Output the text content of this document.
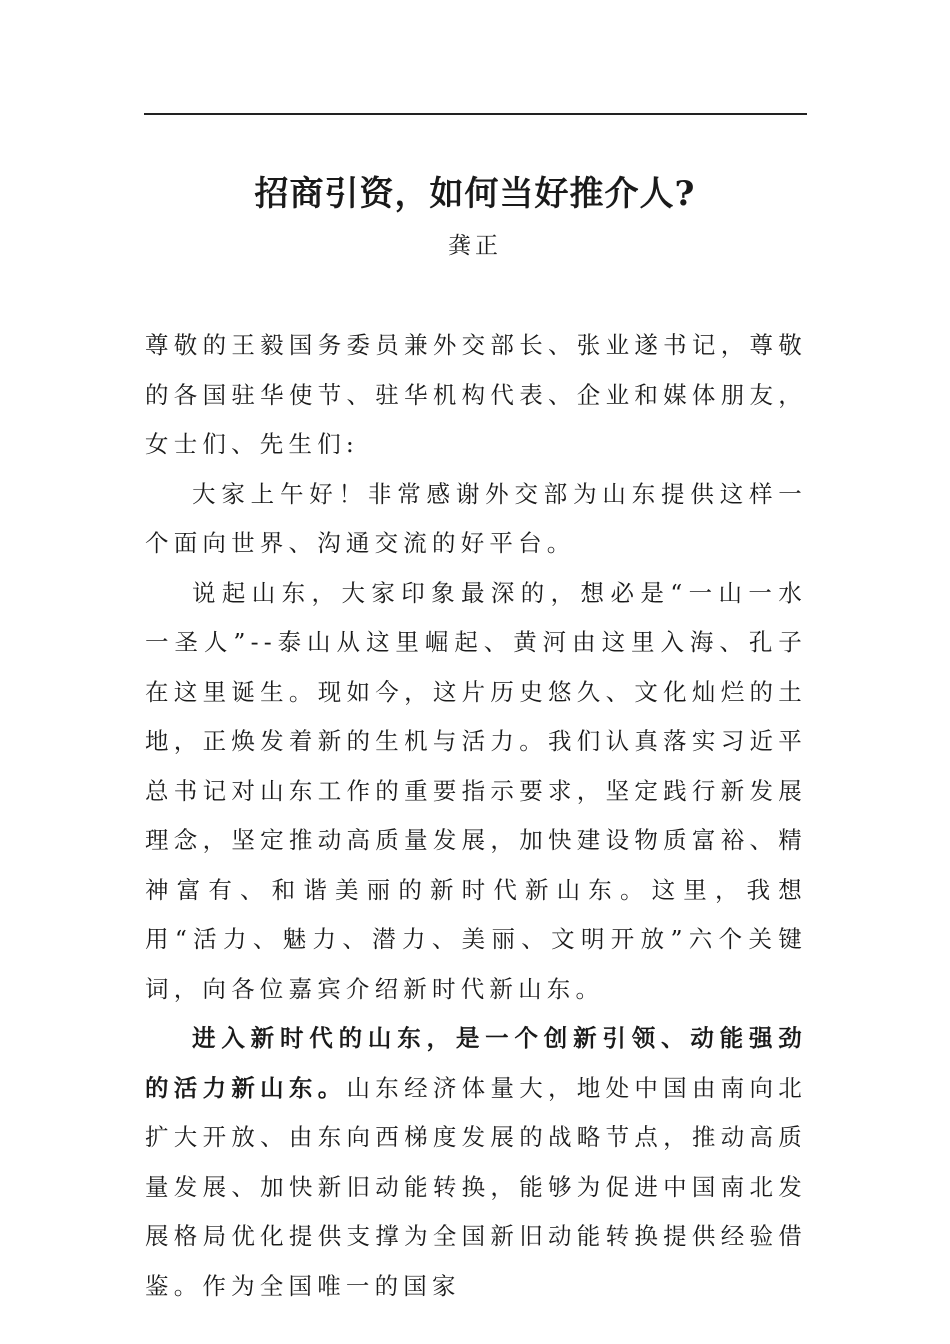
招商引资，如何当好推介人?
龚正

尊敬的王毅国务委员兼外交部长、张业遂书记，尊敬的各国驻华使节、驻华机构代表、企业和媒体朋友，女士们、先生们:

大家上午好！非常感谢外交部为山东提供这样一个面向世界、沟通交流的好平台。

说起山东，大家印象最深的，想必是“一山一水一圣人”--泰山从这里崛起、黄河由这里入海、孔子在这里诞生。现如今，这片历史悠久、文化灿烂的土地，正焕发着新的生机与活力。我们认真落实习近平总书记对山东工作的重要指示要求，坚定践行新发展理念，坚定推动高质量发展，加快建设物质富裕、精神富有、和谐美丽的新时代新山东。这里，我想用“活力、魅力、潜力、美丽、文明开放”六个关键词，向各位嘉宾介绍新时代新山东。

进入新时代的山东，是一个创新引领、动能强劲的活力新山东。山东经济体量大，地处中国由南向北扩大开放、由东向西梯度发展的战略节点，推动高质量发展、加快新旧动能转换，能够为促进中国南北发展格局优化提供支撑为全国新旧动能转换提供经验借鉴。作为全国唯一的国家
